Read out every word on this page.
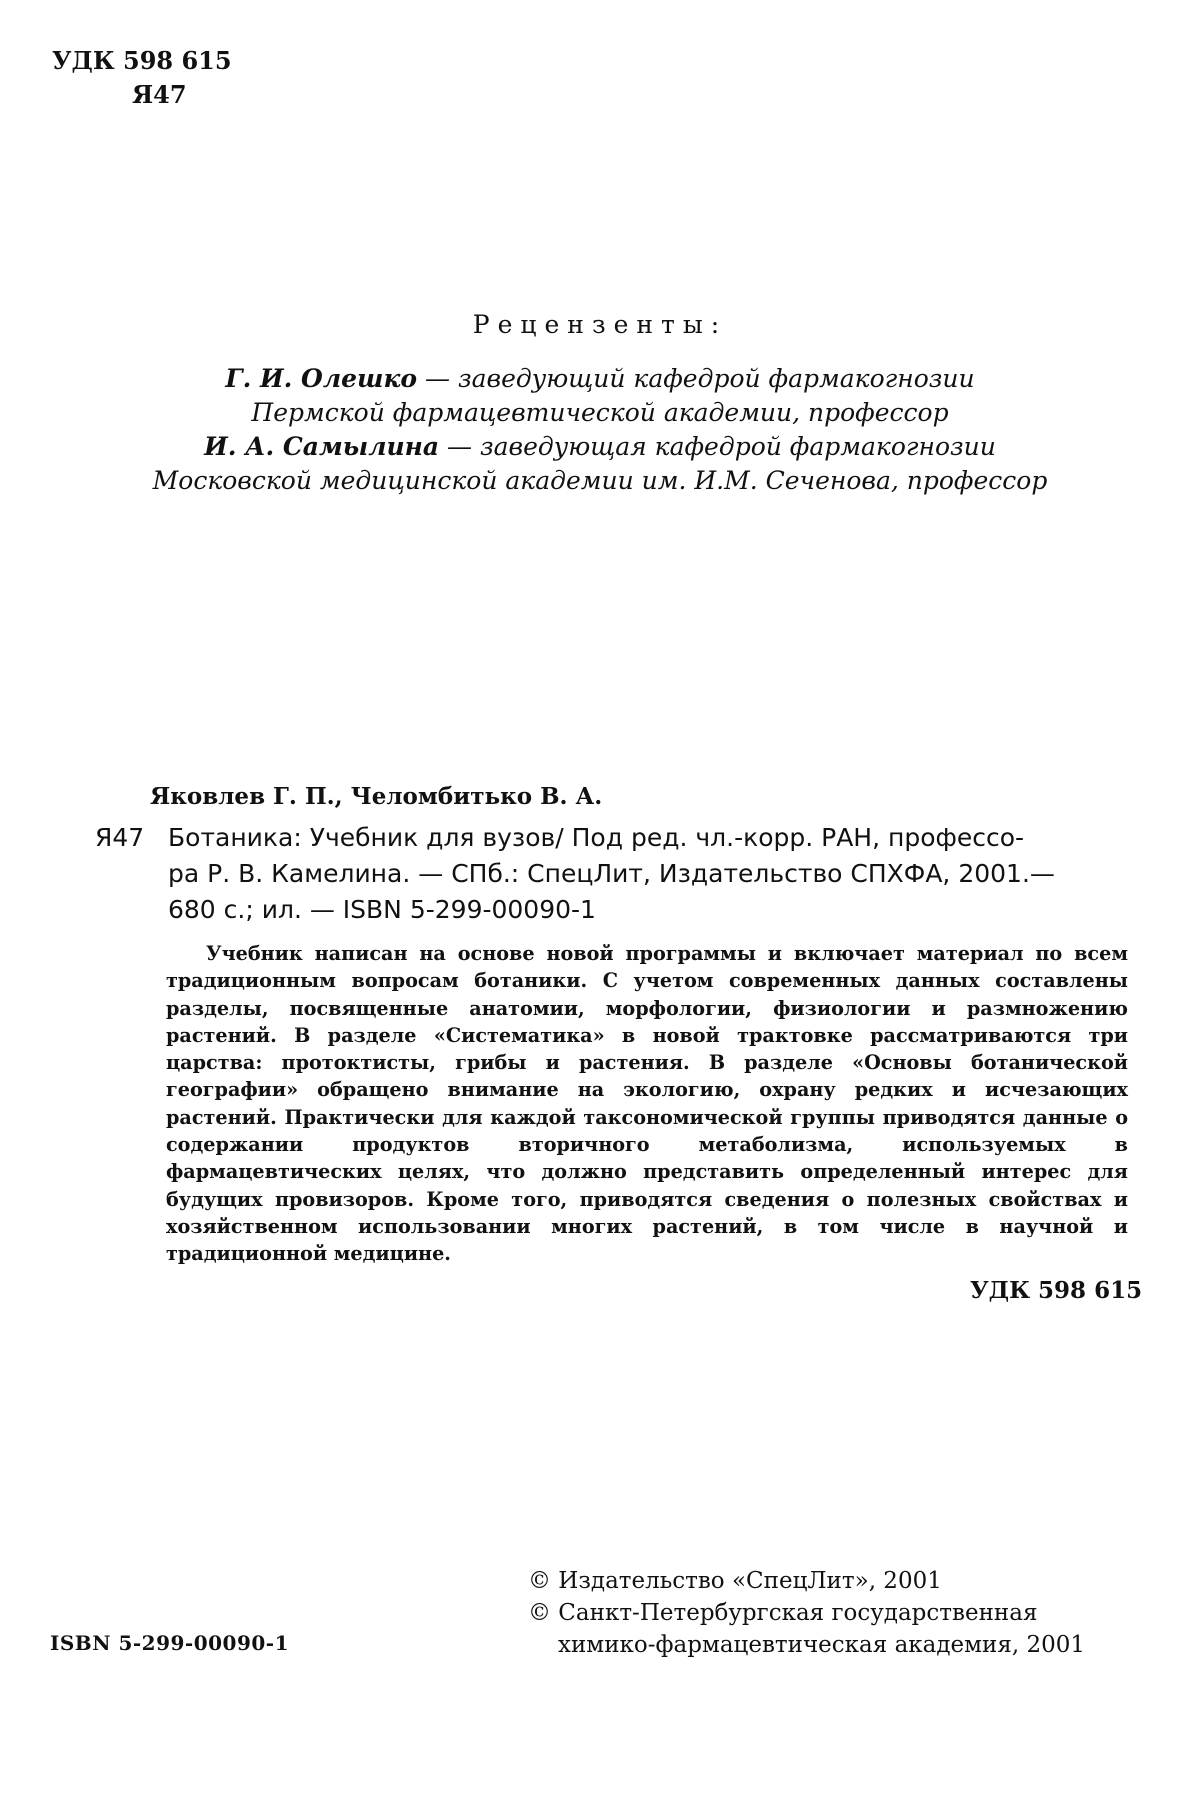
УДК 598 615
Я47
Рецензенты:
Г. И. Олешко — заведующий кафедрой фармакогнозии
Пермской фармацевтической академии, профессор
И. А. Самылина — заведующая кафедрой фармакогнозии
Московской медицинской академии им. И.М. Сеченова, профессор
Яковлев Г. П., Челомбитько В. А.
Я47 Ботаника: Учебник для вузов/ Под ред. чл.-корр. РАН, профессо-
ра Р. В. Камелина. — СПб.: СпецЛит, Издательство СПХФА, 2001.—
680 с.; ил. — ISBN 5-299-00090-1
Учебник написан на основе новой программы и включает материал по всем традиционным вопросам ботаники. С учетом современных данных составлены разделы, посвященные анатомии, морфологии, физиологии и размножению растений. В разделе «Систематика» в новой трактовке рассматриваются три царства: протоктисты, грибы и растения. В разделе «Основы ботанической географии» обращено внимание на экологию, охрану редких и исчезающих растений. Практически для каждой таксономической группы приводятся данные о содержании продуктов вторичного метаболизма, используемых в фармацевтических целях, что должно представить определенный интерес для будущих провизоров. Кроме того, приводятся сведения о полезных свойствах и хозяйственном использовании многих растений, в том числе в научной и традиционной медицине.
УДК 598 615
© Издательство «СпецЛит», 2001
© Санкт-Петербургская государственная
химико-фармацевтическая академия, 2001
ISBN 5-299-00090-1
